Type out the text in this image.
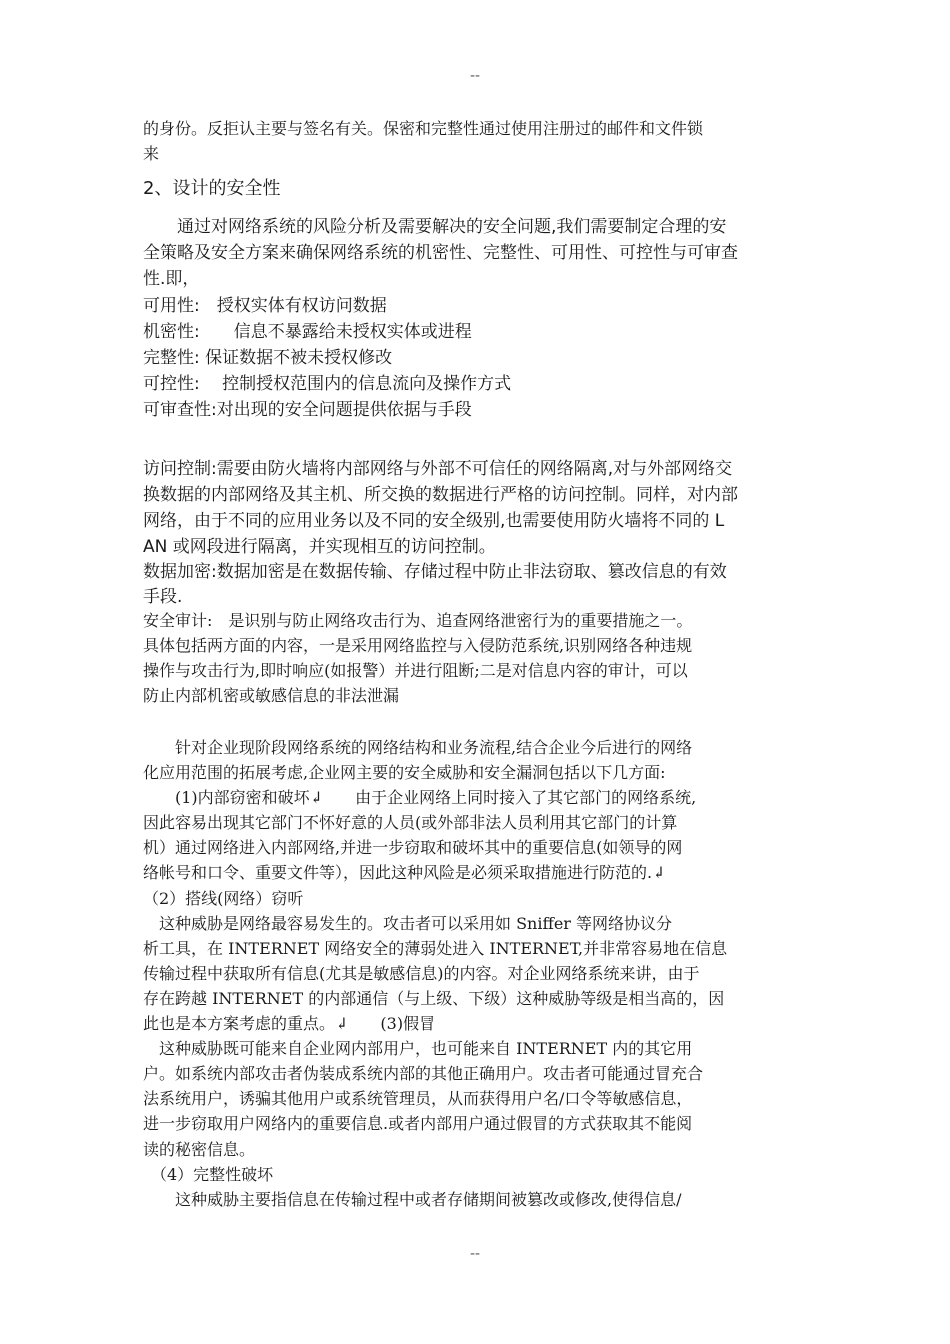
--
的身份。反拒认主要与签名有关。保密和完整性通过使用注册过的邮件和文件锁
来
2、设计的安全性
　　通过对网络系统的风险分析及需要解决的安全问题,我们需要制定合理的安
全策略及安全方案来确保网络系统的机密性、完整性、可用性、可控性与可审查
性.即，
可用性:　授权实体有权访问数据
机密性:　　信息不暴露给未授权实体或进程
完整性: 保证数据不被未授权修改
可控性:　 控制授权范围内的信息流向及操作方式
可审查性:对出现的安全问题提供依据与手段
访问控制:需要由防火墙将内部网络与外部不可信任的网络隔离,对与外部网络交
换数据的内部网络及其主机、所交换的数据进行严格的访问控制。同样，对内部
网络，由于不同的应用业务以及不同的安全级别,也需要使用防火墙将不同的 L
AN 或网段进行隔离，并实现相互的访问控制。
数据加密:数据加密是在数据传输、存储过程中防止非法窃取、篡改信息的有效
手段.
安全审计:　是识别与防止网络攻击行为、追查网络泄密行为的重要措施之一。
具体包括两方面的内容，一是采用网络监控与入侵防范系统,识别网络各种违规
操作与攻击行为,即时响应(如报警）并进行阻断;二是对信息内容的审计，可以
防止内部机密或敏感信息的非法泄漏
　　针对企业现阶段网络系统的网络结构和业务流程,结合企业今后进行的网络
化应用范围的拓展考虑,企业网主要的安全威胁和安全漏洞包括以下几方面:
　　(1)内部窃密和破坏↲　　由于企业网络上同时接入了其它部门的网络系统,
因此容易出现其它部门不怀好意的人员(或外部非法人员利用其它部门的计算
机）通过网络进入内部网络,并进一步窃取和破坏其中的重要信息(如领导的网
络帐号和口令、重要文件等），因此这种风险是必须采取措施进行防范的.↲
（2）搭线(网络）窃听
　这种威胁是网络最容易发生的。攻击者可以采用如 Sniffer 等网络协议分
析工具，在 INTERNET 网络安全的薄弱处进入 INTERNET,并非常容易地在信息
传输过程中获取所有信息(尤其是敏感信息)的内容。对企业网络系统来讲，由于
存在跨越 INTERNET 的内部通信（与上级、下级）这种威胁等级是相当高的，因
此也是本方案考虑的重点。↲　　(3)假冒
　这种威胁既可能来自企业网内部用户，也可能来自 INTERNET 内的其它用
户。如系统内部攻击者伪装成系统内部的其他正确用户。攻击者可能通过冒充合
法系统用户，诱骗其他用户或系统管理员，从而获得用户名/口令等敏感信息，
进一步窃取用户网络内的重要信息.或者内部用户通过假冒的方式获取其不能阅
读的秘密信息。
　（4）完整性破坏
　　这种威胁主要指信息在传输过程中或者存储期间被篡改或修改,使得信息/
--
